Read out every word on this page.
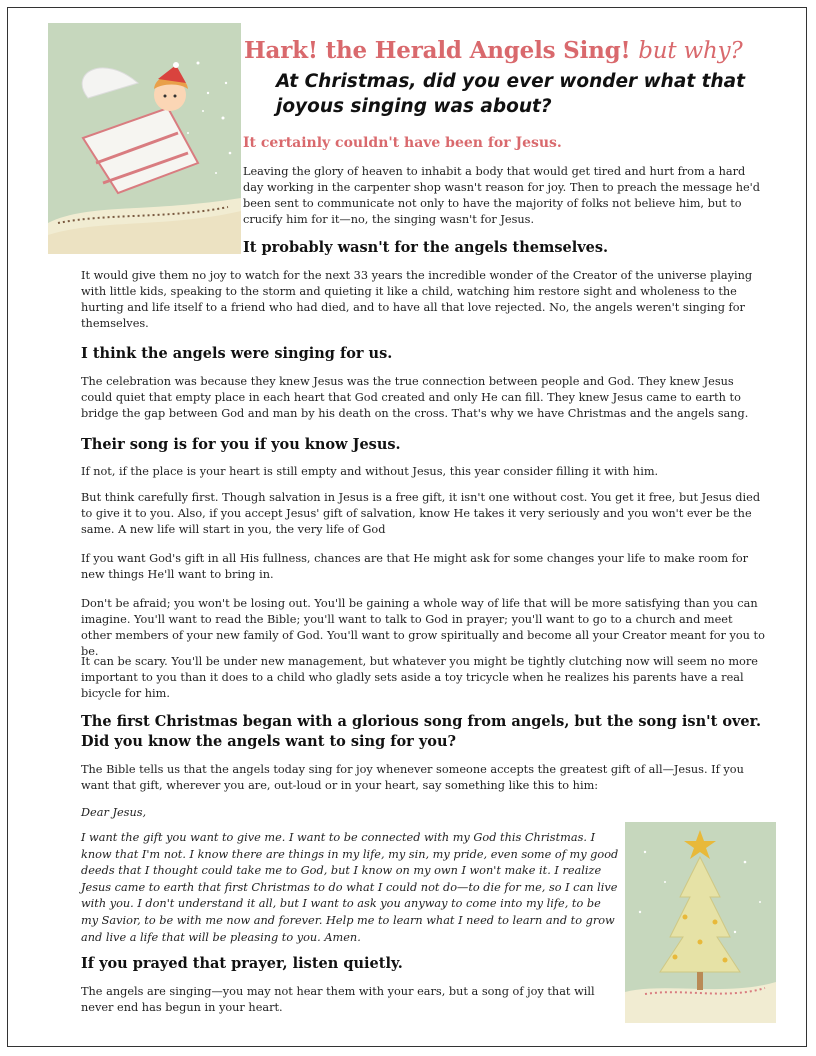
Hark! the Herald Angels Sing! but why?
At Christmas, did you ever wonder what that joyous singing was about?
It certainly couldn't have been for Jesus.

Leaving the glory of heaven to inhabit a body that would get tired and hurt from a hard day working in the carpenter shop wasn't reason for joy. Then to preach the message he'd been sent to communicate not only to have the majority of folks not believe him, but to crucify him for it—no, the singing wasn't for Jesus.

It probably wasn't for the angels themselves.

It would give them no joy to watch for the next 33 years the incredible wonder of the Creator of the universe playing with little kids, speaking to the storm and quieting it like a child, watching him restore sight and wholeness to the hurting and life itself to a friend who had died, and to have all that love rejected. No, the angels weren't singing for themselves.

I think the angels were singing for us.

The celebration was because they knew Jesus was the true connection between people and God. They knew Jesus could quiet that empty place in each heart that God created and only He can fill. They knew Jesus came to earth to bridge the gap between God and man by his death on the cross. That's why we have Christmas and the angels sang.

Their song is for you if you know Jesus.

If not, if the place is your heart is still empty and without Jesus, this year consider filling it with him.

But think carefully first. Though salvation in Jesus is a free gift, it isn't one without cost. You get it free, but Jesus died to give it to you. Also, if you accept Jesus' gift of salvation, know He takes it very seriously and you won't ever be the same. A new life will start in you, the very life of God

If you want God's gift in all His fullness, chances are that He might ask for some changes your life to make room for new things He'll want to bring in.

Don't be afraid; you won't be losing out. You'll be gaining a whole way of life that will be more satisfying than you can imagine. You'll want to read the Bible; you'll want to talk to God in prayer; you'll want to go to a church and meet other members of your new family of God. You'll want to grow spiritually and become all your Creator meant for you to be.

It can be scary. You'll be under new management, but whatever you might be tightly clutching now will seem no more important to you than it does to a child who gladly sets aside a toy tricycle when he realizes his parents have a real bicycle for him.

The first Christmas began with a glorious song from angels, but the song isn't over. Did you know the angels want to sing for you?

The Bible tells us that the angels today sing for joy whenever someone accepts the greatest gift of all—Jesus. If you want that gift, wherever you are, out-loud or in your heart, say something like this to him:

Dear Jesus,

I want the gift you want to give me. I want to be connected with my God this Christmas. I know that I'm not. I know there are things in my life, my sin, my pride, even some of my good deeds that I thought could take me to God, but I know on my own I won't make it. I realize Jesus came to earth that first Christmas to do what I could not do—to die for me, so I can live with you. I don't understand it all, but I want to ask you anyway to come into my life, to be my Savior, to be with me now and forever. Help me to learn what I need to learn and to grow and live a life that will be pleasing to you. Amen.

If you prayed that prayer, listen quietly.

The angels are singing—you may not hear them with your ears, but a song of joy that will never end has begun in your heart.
